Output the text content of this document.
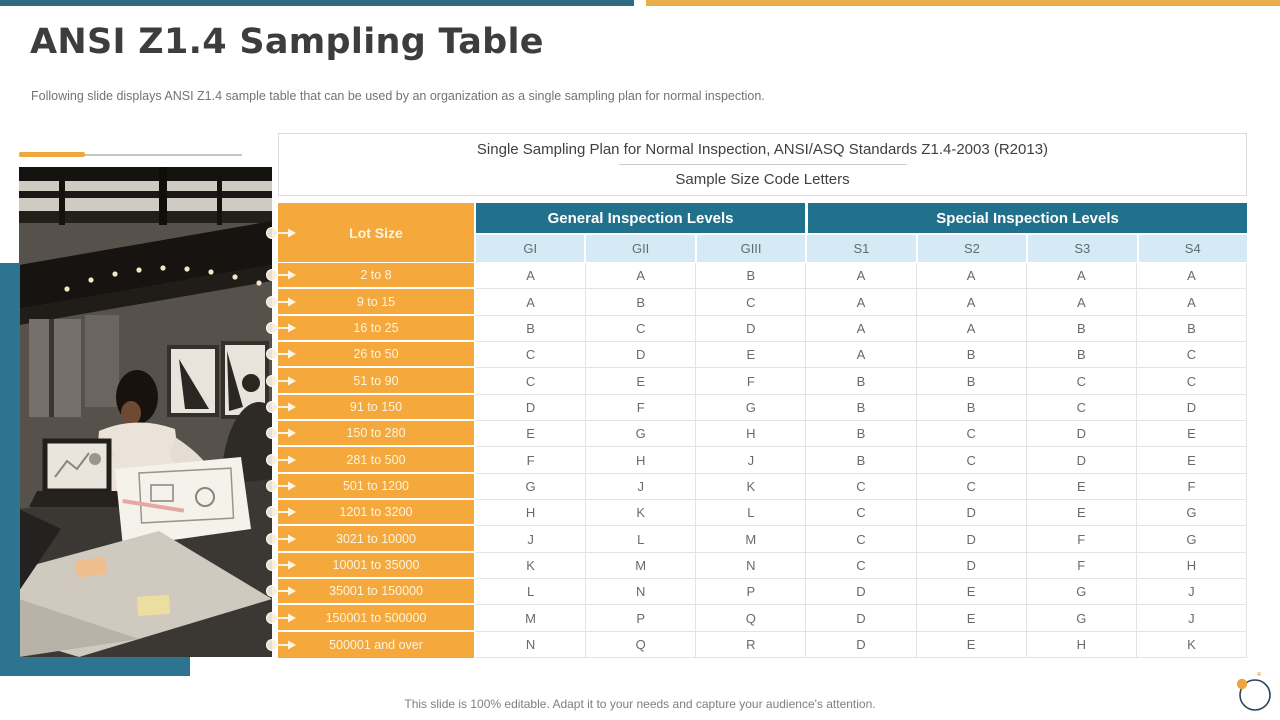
ANSI Z1.4 Sampling Table

Following slide displays ANSI Z1.4 sample table that can be used by an organization as a single sampling plan for normal inspection.

Single Sampling Plan for Normal Inspection, ANSI/ASQ Standards Z1.4-2003 (R2013)
Sample Size Code Letters
Lot Size
General Inspection Levels	Special Inspection Levels
GI	GII	GIII	S1	S2	S3	S4
2 to 8	A	A	B	A	A	A	A
9 to 15	A	B	C	A	A	A	A
16 to 25	B	C	D	A	A	B	B
26 to 50	C	D	E	A	B	B	C
51 to 90	C	E	F	B	B	C	C
91 to 150	D	F	G	B	B	C	D
150 to 280	E	G	H	B	C	D	E
281 to 500	F	H	J	B	C	D	E
501 to 1200	G	J	K	C	C	E	F
1201 to 3200	H	K	L	C	D	E	G
3021 to 10000	J	L	M	C	D	F	G
10001 to 35000	K	M	N	C	D	F	H
35001 to 150000	L	N	P	D	E	G	J
150001 to 500000	M	P	Q	D	E	G	J
500001 and over	N	Q	R	D	E	H	K

This slide is 100% editable. Adapt it to your needs and capture your audience's attention.
